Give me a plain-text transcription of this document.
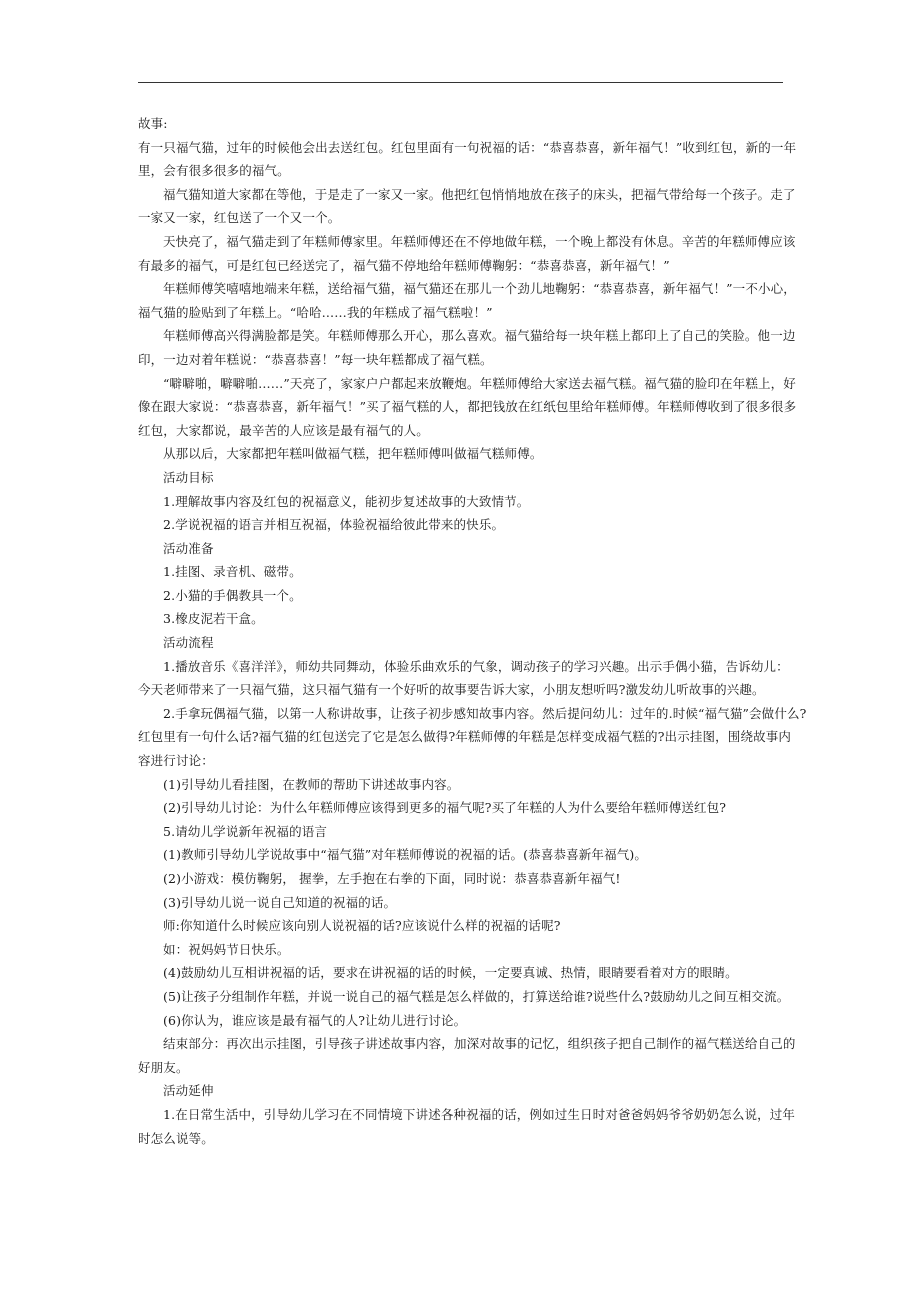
故事:
有一只福气猫，过年的时候他会出去送红包。红包里面有一句祝福的话：“恭喜恭喜，新年福气！”收到红包，新的一年
里，会有很多很多的福气。
福气猫知道大家都在等他，于是走了一家又一家。他把红包悄悄地放在孩子的床头，把福气带给每一个孩子。走了
一家又一家，红包送了一个又一个。
天快亮了，福气猫走到了年糕师傅家里。年糕师傅还在不停地做年糕，一个晚上都没有休息。辛苦的年糕师傅应该
有最多的福气，可是红包已经送完了，福气猫不停地给年糕师傅鞠躬：“恭喜恭喜，新年福气！”
年糕师傅笑嘻嘻地端来年糕，送给福气猫，福气猫还在那儿一个劲儿地鞠躬：“恭喜恭喜，新年福气！”一不小心，
福气猫的脸贴到了年糕上。“哈哈……我的年糕成了福气糕啦！”
年糕师傅高兴得满脸都是笑。年糕师傅那么开心，那么喜欢。福气猫给每一块年糕上都印上了自己的笑脸。他一边
印，一边对着年糕说：“恭喜恭喜！”每一块年糕都成了福气糕。
“噼噼啪，噼噼啪……”天亮了，家家户户都起来放鞭炮。年糕师傅给大家送去福气糕。福气猫的脸印在年糕上，好
像在跟大家说：“恭喜恭喜，新年福气！”买了福气糕的人，都把钱放在红纸包里给年糕师傅。年糕师傅收到了很多很多
红包，大家都说，最辛苦的人应该是最有福气的人。
从那以后，大家都把年糕叫做福气糕，把年糕师傅叫做福气糕师傅。
活动目标
1.理解故事内容及红包的祝福意义，能初步复述故事的大致情节。
2.学说祝福的语言并相互祝福，体验祝福给彼此带来的快乐。
活动准备
1.挂图、录音机、磁带。
2.小猫的手偶教具一个。
3.橡皮泥若干盒。
活动流程
1.播放音乐《喜洋洋》，师幼共同舞动，体验乐曲欢乐的气象，调动孩子的学习兴趣。出示手偶小猫，告诉幼儿：
今天老师带来了一只福气猫，这只福气猫有一个好听的故事要告诉大家，小朋友想听吗?激发幼儿听故事的兴趣。
2.手拿玩偶福气猫，以第一人称讲故事，让孩子初步感知故事内容。然后提问幼儿：过年的.时候“福气猫”会做什么?
红包里有一句什么话?福气猫的红包送完了它是怎么做得?年糕师傅的年糕是怎样变成福气糕的?出示挂图，围绕故事内
容进行讨论：
(1)引导幼儿看挂图，在教师的帮助下讲述故事内容。
(2)引导幼儿讨论：为什么年糕师傅应该得到更多的福气呢?买了年糕的人为什么要给年糕师傅送红包?
5.请幼儿学说新年祝福的语言
(1)教师引导幼儿学说故事中“福气猫”对年糕师傅说的祝福的话。(恭喜恭喜新年福气)。
(2)小游戏：模仿鞠躬， 握拳，左手抱在右拳的下面，同时说：恭喜恭喜新年福气!
(3)引导幼儿说一说自己知道的祝福的话。
师:你知道什么时候应该向别人说祝福的话?应该说什么样的祝福的话呢?
如：祝妈妈节日快乐。
(4)鼓励幼儿互相讲祝福的话，要求在讲祝福的话的时候，一定要真诚、热情，眼睛要看着对方的眼睛。
(5)让孩子分组制作年糕，并说一说自己的福气糕是怎么样做的，打算送给谁?说些什么?鼓励幼儿之间互相交流。
(6)你认为，谁应该是最有福气的人?让幼儿进行讨论。
结束部分：再次出示挂图，引导孩子讲述故事内容，加深对故事的记忆，组织孩子把自己制作的福气糕送给自己的
好朋友。
活动延伸
1.在日常生活中，引导幼儿学习在不同情境下讲述各种祝福的话，例如过生日时对爸爸妈妈爷爷奶奶怎么说，过年
时怎么说等。
